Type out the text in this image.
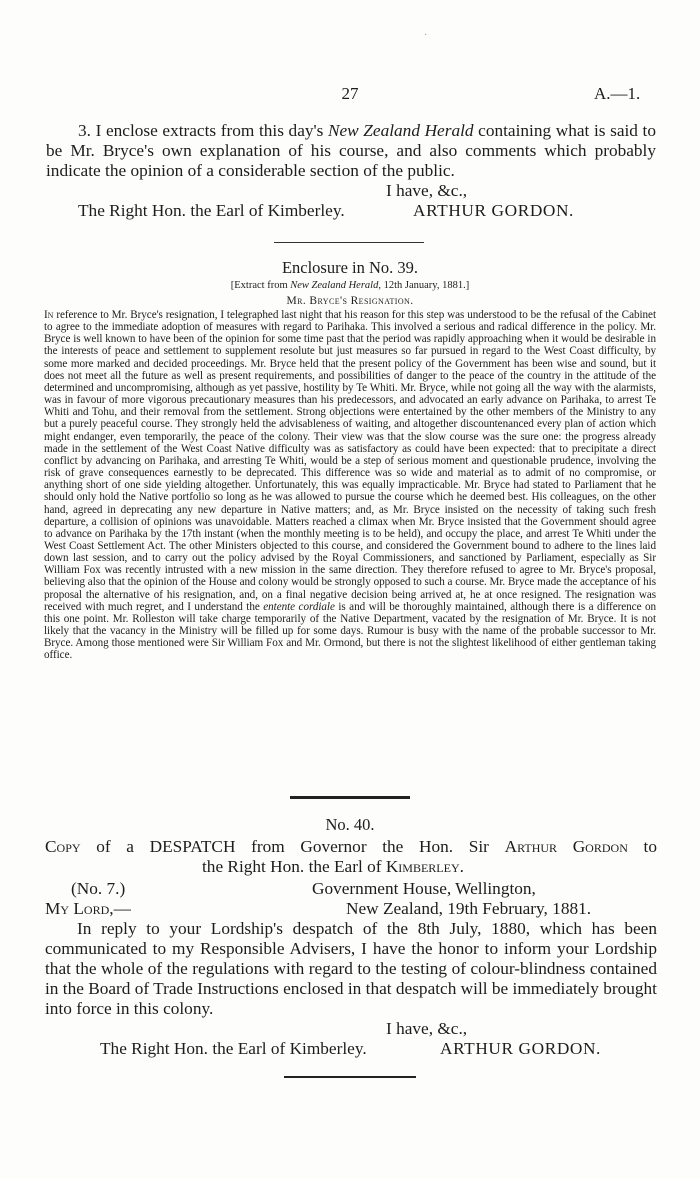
·
27	A.—1.

3. I enclose extracts from this day's New Zealand Herald containing what is said to be Mr. Bryce's own explanation of his course, and also comments which probably indicate the opinion of a considerable section of the public.

I have, &c.,
The Right Hon. the Earl of Kimberley.	ARTHUR GORDON.
Enclosure in No. 39.
[Extract from New Zealand Herald, 12th January, 1881.]
Mr. Bryce's Resignation.

In reference to Mr. Bryce's resignation, I telegraphed last night that his reason for this step was understood to be the refusal of the Cabinet to agree to the immediate adoption of measures with regard to Parihaka. This involved a serious and radical difference in the policy. Mr. Bryce is well known to have been of the opinion for some time past that the period was rapidly approaching when it would be desirable in the interests of peace and settlement to supplement resolute but just measures so far pursued in regard to the West Coast difficulty, by some more marked and decided proceedings. Mr. Bryce held that the present policy of the Government has been wise and sound, but it does not meet all the future as well as present requirements, and possibilities of danger to the peace of the country in the attitude of the determined and uncompromising, although as yet passive, hostility by Te Whiti. Mr. Bryce, while not going all the way with the alarmists, was in favour of more vigorous precautionary measures than his predecessors, and advocated an early advance on Parihaka, to arrest Te Whiti and Tohu, and their removal from the settlement. Strong objections were entertained by the other members of the Ministry to any but a purely peaceful course. They strongly held the advisableness of waiting, and altogether discountenanced every plan of action which might endanger, even temporarily, the peace of the colony. Their view was that the slow course was the sure one: the progress already made in the settlement of the West Coast Native difficulty was as satisfactory as could have been expected: that to precipitate a direct conflict by advancing on Parihaka, and arresting Te Whiti, would be a step of serious moment and questionable prudence, involving the risk of grave consequences earnestly to be deprecated. This difference was so wide and material as to admit of no compromise, or anything short of one side yielding altogether. Unfortunately, this was equally impracticable. Mr. Bryce had stated to Parliament that he should only hold the Native portfolio so long as he was allowed to pursue the course which he deemed best. His colleagues, on the other hand, agreed in deprecating any new departure in Native matters; and, as Mr. Bryce insisted on the necessity of taking such fresh departure, a collision of opinions was unavoidable. Matters reached a climax when Mr. Bryce insisted that the Government should agree to advance on Parihaka by the 17th instant (when the monthly meeting is to be held), and occupy the place, and arrest Te Whiti under the West Coast Settlement Act. The other Ministers objected to this course, and considered the Government bound to adhere to the lines laid down last session, and to carry out the policy advised by the Royal Commissioners, and sanctioned by Parliament, especially as Sir William Fox was recently intrusted with a new mission in the same direction. They therefore refused to agree to Mr. Bryce's proposal, believing also that the opinion of the House and colony would be strongly opposed to such a course. Mr. Bryce made the acceptance of his proposal the alternative of his resignation, and, on a final negative decision being arrived at, he at once resigned. The resignation was received with much regret, and I understand the entente cordiale is and will be thoroughly maintained, although there is a difference on this one point. Mr. Rolleston will take charge temporarily of the Native Department, vacated by the resignation of Mr. Bryce. It is not likely that the vacancy in the Ministry will be filled up for some days. Rumour is busy with the name of the probable successor to Mr. Bryce. Among those mentioned were Sir William Fox and Mr. Ormond, but there is not the slightest likelihood of either gentleman taking office.

No. 40.
Copy of a DESPATCH from Governor the Hon. Sir Arthur Gordon to
the Right Hon. the Earl of Kimberley.
(No. 7.)	Government House, Wellington,
My Lord,—	New Zealand, 19th February, 1881.

In reply to your Lordship's despatch of the 8th July, 1880, which has been communicated to my Responsible Advisers, I have the honor to inform your Lordship that the whole of the regulations with regard to the testing of colour-blindness contained in the Board of Trade Instructions enclosed in that despatch will be immediately brought into force in this colony.

I have, &c.,
The Right Hon. the Earl of Kimberley.	ARTHUR GORDON.
